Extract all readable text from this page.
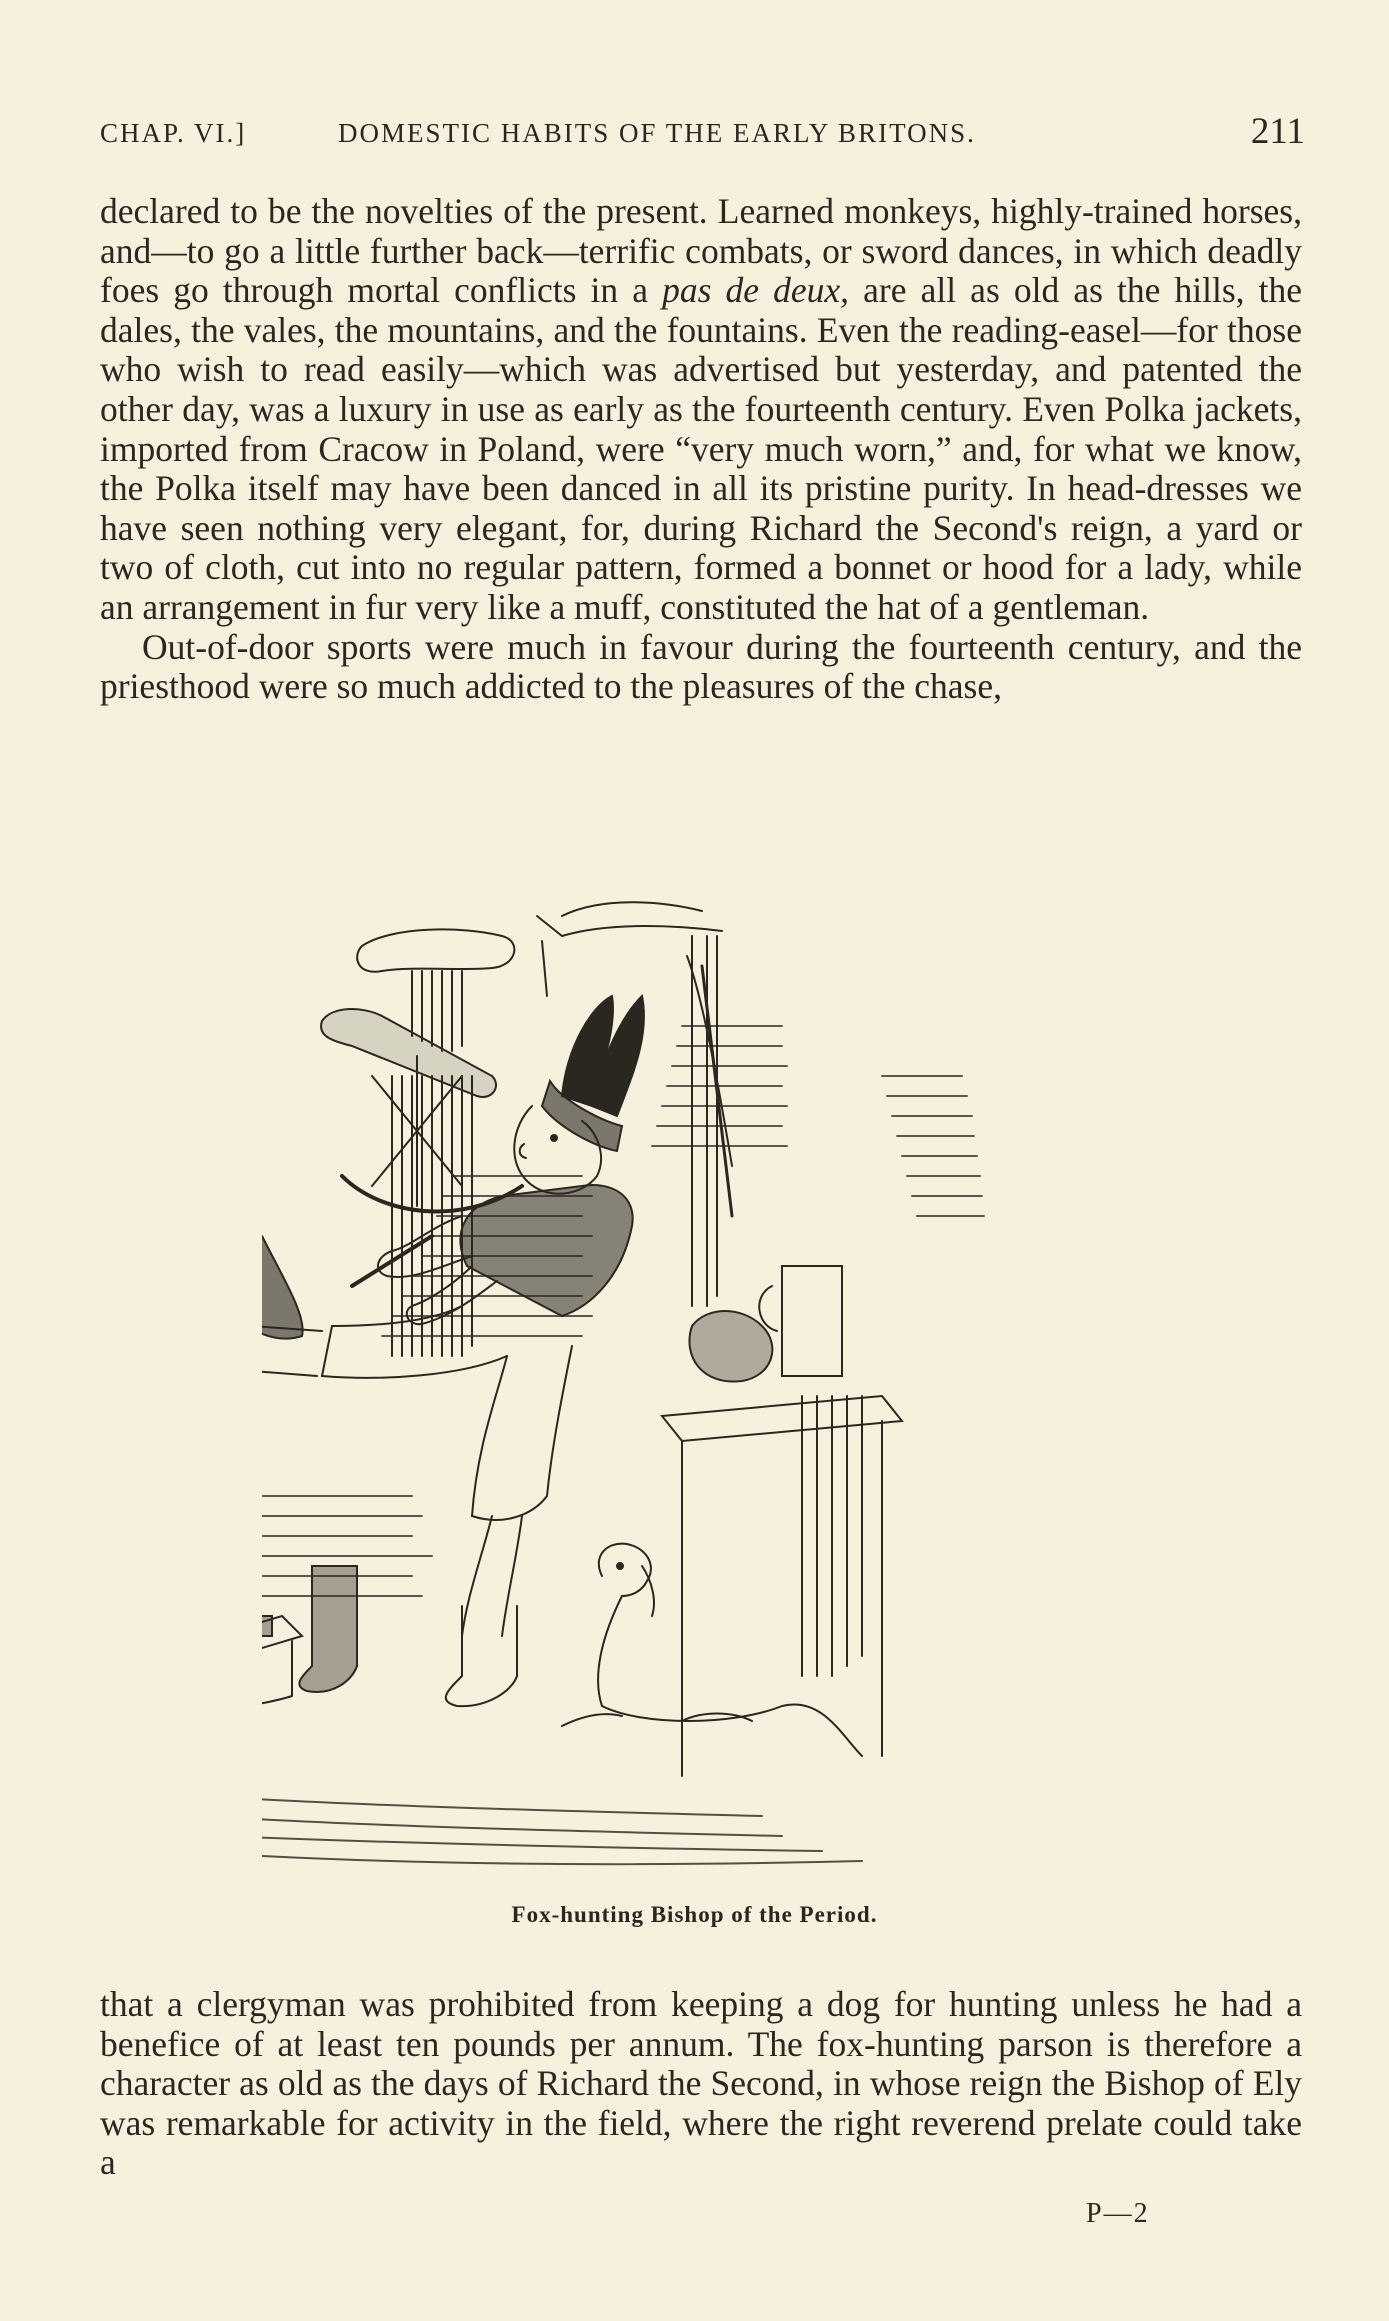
CHAP. VI.]	DOMESTIC HABITS OF THE EARLY BRITONS.	211

declared to be the novelties of the present. Learned monkeys, highly-trained horses, and—to go a little further back—terrific combats, or sword dances, in which deadly foes go through mortal conflicts in a pas de deux, are all as old as the hills, the dales, the vales, the mountains, and the fountains. Even the reading-easel—for those who wish to read easily—which was advertised but yesterday, and patented the other day, was a luxury in use as early as the fourteenth century. Even Polka jackets, imported from Cracow in Poland, were “very much worn,” and, for what we know, the Polka itself may have been danced in all its pristine purity. In head-dresses we have seen nothing very elegant, for, during Richard the Second's reign, a yard or two of cloth, cut into no regular pattern, formed a bonnet or hood for a lady, while an arrangement in fur very like a muff, constituted the hat of a gentleman.

Out-of-door sports were much in favour during the fourteenth century, and the priesthood were so much addicted to the pleasures of the chase,

Fox-hunting Bishop of the Period.

that a clergyman was prohibited from keeping a dog for hunting unless he had a benefice of at least ten pounds per annum. The fox-hunting parson is therefore a character as old as the days of Richard the Second, in whose reign the Bishop of Ely was remarkable for activity in the field, where the right reverend prelate could take a

P—2
